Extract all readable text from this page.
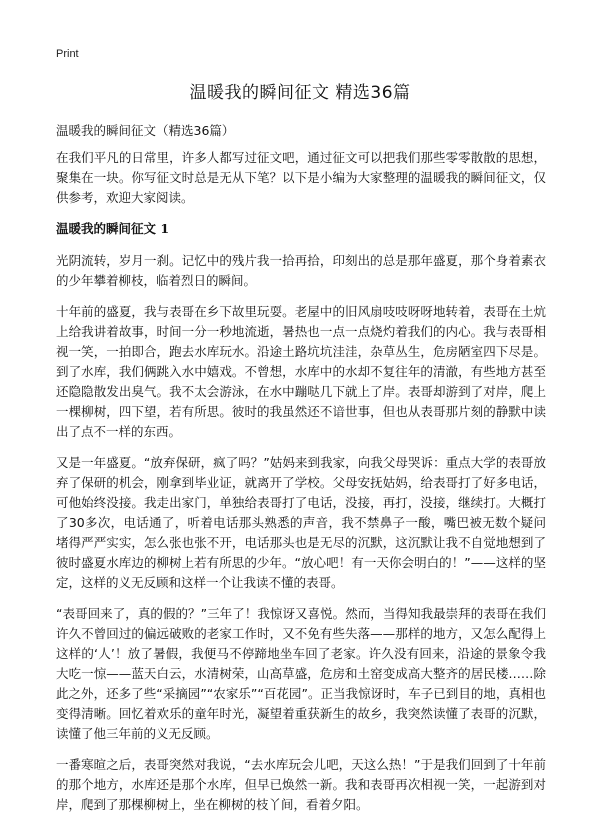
Print
温暖我的瞬间征文 精选36篇
温暖我的瞬间征文（精选36篇）

在我们平凡的日常里，许多人都写过征文吧，通过征文可以把我们那些零零散散的思想，聚集在一块。你写征文时总是无从下笔？以下是小编为大家整理的温暖我的瞬间征文，仅供参考，欢迎大家阅读。

温暖我的瞬间征文 1

光阴流转，岁月一刹。记忆中的残片我一拾再拾，印刻出的总是那年盛夏，那个身着素衣的少年攀着柳枝，临着烈日的瞬间。

十年前的盛夏，我与表哥在乡下故里玩耍。老屋中的旧风扇吱吱呀呀地转着，表哥在土炕上给我讲着故事，时间一分一秒地流逝，暑热也一点一点烧灼着我们的内心。我与表哥相视一笑，一拍即合，跑去水库玩水。沿途土路坑坑洼洼，杂草丛生，危房陋室四下尽是。到了水库，我们俩跳入水中嬉戏。不曾想，水库中的水却不复往年的清澈，有些地方甚至还隐隐散发出臭气。我不太会游泳，在水中蹦哒几下就上了岸。表哥却游到了对岸，爬上一棵柳树，四下望，若有所思。彼时的我虽然还不谙世事，但也从表哥那片刻的静默中读出了点不一样的东西。

又是一年盛夏。“放弃保研，疯了吗？”姑妈来到我家，向我父母哭诉：重点大学的表哥放弃了保研的机会，刚拿到毕业证，就离开了学校。父母安抚姑妈，给表哥打了好多电话，可他始终没接。我走出家门，单独给表哥打了电话，没接，再打，没接，继续打。大概打了30多次，电话通了，听着电话那头熟悉的声音，我不禁鼻子一酸，嘴巴被无数个疑问堵得严严实实，怎么张也张不开，电话那头也是无尽的沉默，这沉默让我不自觉地想到了彼时盛夏水库边的柳树上若有所思的少年。“放心吧！有一天你会明白的！”——这样的坚定，这样的义无反顾和这样一个让我读不懂的表哥。

“表哥回来了，真的假的？”三年了！我惊讶又喜悦。然而，当得知我最崇拜的表哥在我们许久不曾回过的偏远破败的老家工作时，又不免有些失落——那样的地方，又怎么配得上这样的‘人’！放了暑假，我便马不停蹄地坐车回了老家。许久没有回来，沿途的景象令我大吃一惊——蓝天白云，水清树荣，山高草盛，危房和土窑变成高大整齐的居民楼……除此之外，还多了些“采摘园”“农家乐”“百花园”。正当我惊讶时，车子已到目的地，真相也变得清晰。回忆着欢乐的童年时光，凝望着重获新生的故乡，我突然读懂了表哥的沉默，读懂了他三年前的义无反顾。

一番寒暄之后，表哥突然对我说，“去水库玩会儿吧，天这么热！”于是我们回到了十年前的那个地方，水库还是那个水库，但早已焕然一新。我和表哥再次相视一笑，一起游到对岸，爬到了那棵柳树上，坐在柳树的枝丫间，看着夕阳。
